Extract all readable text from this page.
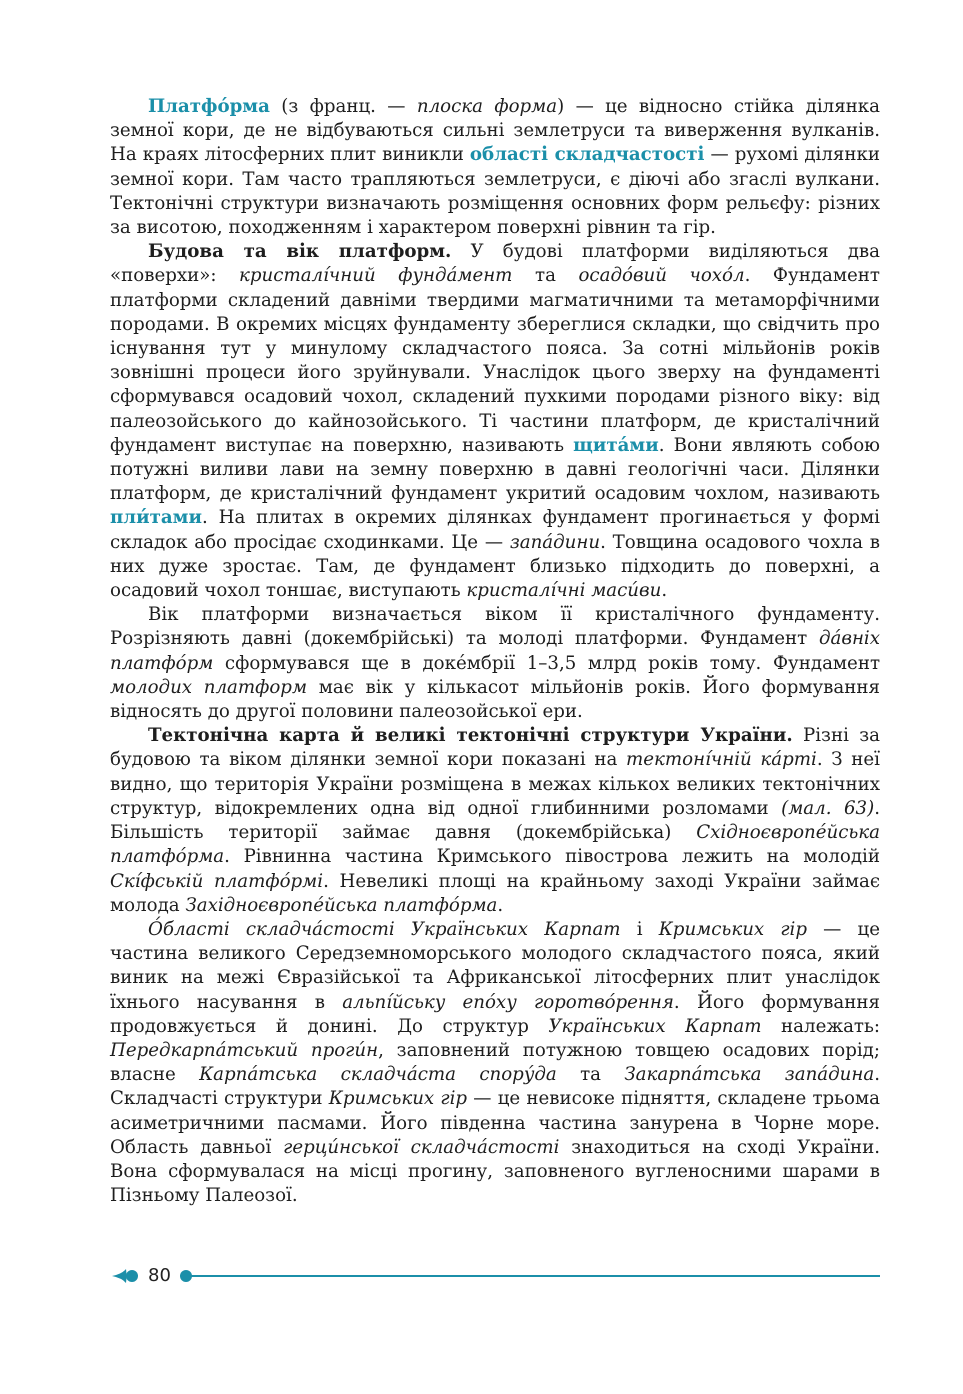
Платфо́рма (з франц. — плоска форма) — це відносно стійка ділянка земної кори, де не відбуваються сильні землетруси та виверження вулканів. На краях літосферних плит виникли області складчастості — рухомі ділянки земної кори. Там часто трапляються землетруси, є діючі або згаслі вулкани. Тектонічні структури визначають розміщення основних форм рельєфу: різних за висотою, походженням і характером поверхні рівнин та гір.

Будова та вік платформ. У будові платформи виділяються два «поверхи»: кристалі́чний фунда́мент та осадо́вий чохо́л. Фундамент платформи складений давніми твердими магматичними та метаморфічними породами. В окремих місцях фундаменту збереглися складки, що свідчить про існування тут у минулому складчастого пояса. За сотні мільйонів років зовнішні процеси його зруйнували. Унаслідок цього зверху на фундаменті сформувався осадовий чохол, складений пухкими породами різного віку: від палеозойського до кайнозойського. Ті частини платформ, де кристалічний фундамент виступає на поверхню, називають щита́ми. Вони являють собою потужні виливи лави на земну поверхню в давні геологічні часи. Ділянки платформ, де кристалічний фундамент укритий осадовим чохлом, називають пли́тами. На плитах в окремих ділянках фундамент прогинається у формі складок або просідає сходинками. Це — запа́дини. Товщина осадового чохла в них дуже зростає. Там, де фундамент близько підходить до поверхні, а осадовий чохол тоншає, виступають кристалі́чні маси́ви.

Вік платформи визначається віком її кристалічного фундаменту. Розрізняють давні (докембрійські) та молоді платформи. Фундамент да́вніх платфо́рм сформувався ще в доке́мбрії 1–3,5 млрд років тому. Фундамент молодих платформ має вік у кількасот мільйонів років. Його формування відносять до другої половини палеозойської ери.

Тектонічна карта й великі тектонічні структури України. Різні за будовою та віком ділянки земної кори показані на тектоні́чній ка́рті. З неї видно, що територія України розміщена в межах кількох великих тектонічних структур, відокремлених одна від одної глибинними розломами (мал. 63). Більшість території займає давня (докембрійська) Східноєвропе́йська платфо́рма. Рівнинна частина Кримського півострова лежить на молодій Скі́фській платфо́рмі. Невеликі площі на крайньому заході України займає молода Західноєвропе́йська платфо́рма.

О́бласті складча́стості Українських Карпат і Кримських гір — це частина великого Середземноморського молодого складчастого пояса, який виник на межі Євразійської та Африканської літосферних плит унаслідок їхнього насування в альпі́йську епо́ху горотво́рення. Його формування продовжується й донині. До структур Українських Карпат належать: Передкарпа́тський проги́н, заповнений потужною товщею осадових порід; власне Карпа́тська складча́ста спору́да та Закарпа́тська запа́дина. Складчасті структури Кримських гір — це невисоке підняття, складене трьома асиметричними пасмами. Його південна частина занурена в Чорне море. Область давньої герци́нської складча́стості знаходиться на сході України. Вона сформувалася на місці прогину, заповненого вугленосними шарами в Пізньому Палеозої.

80
